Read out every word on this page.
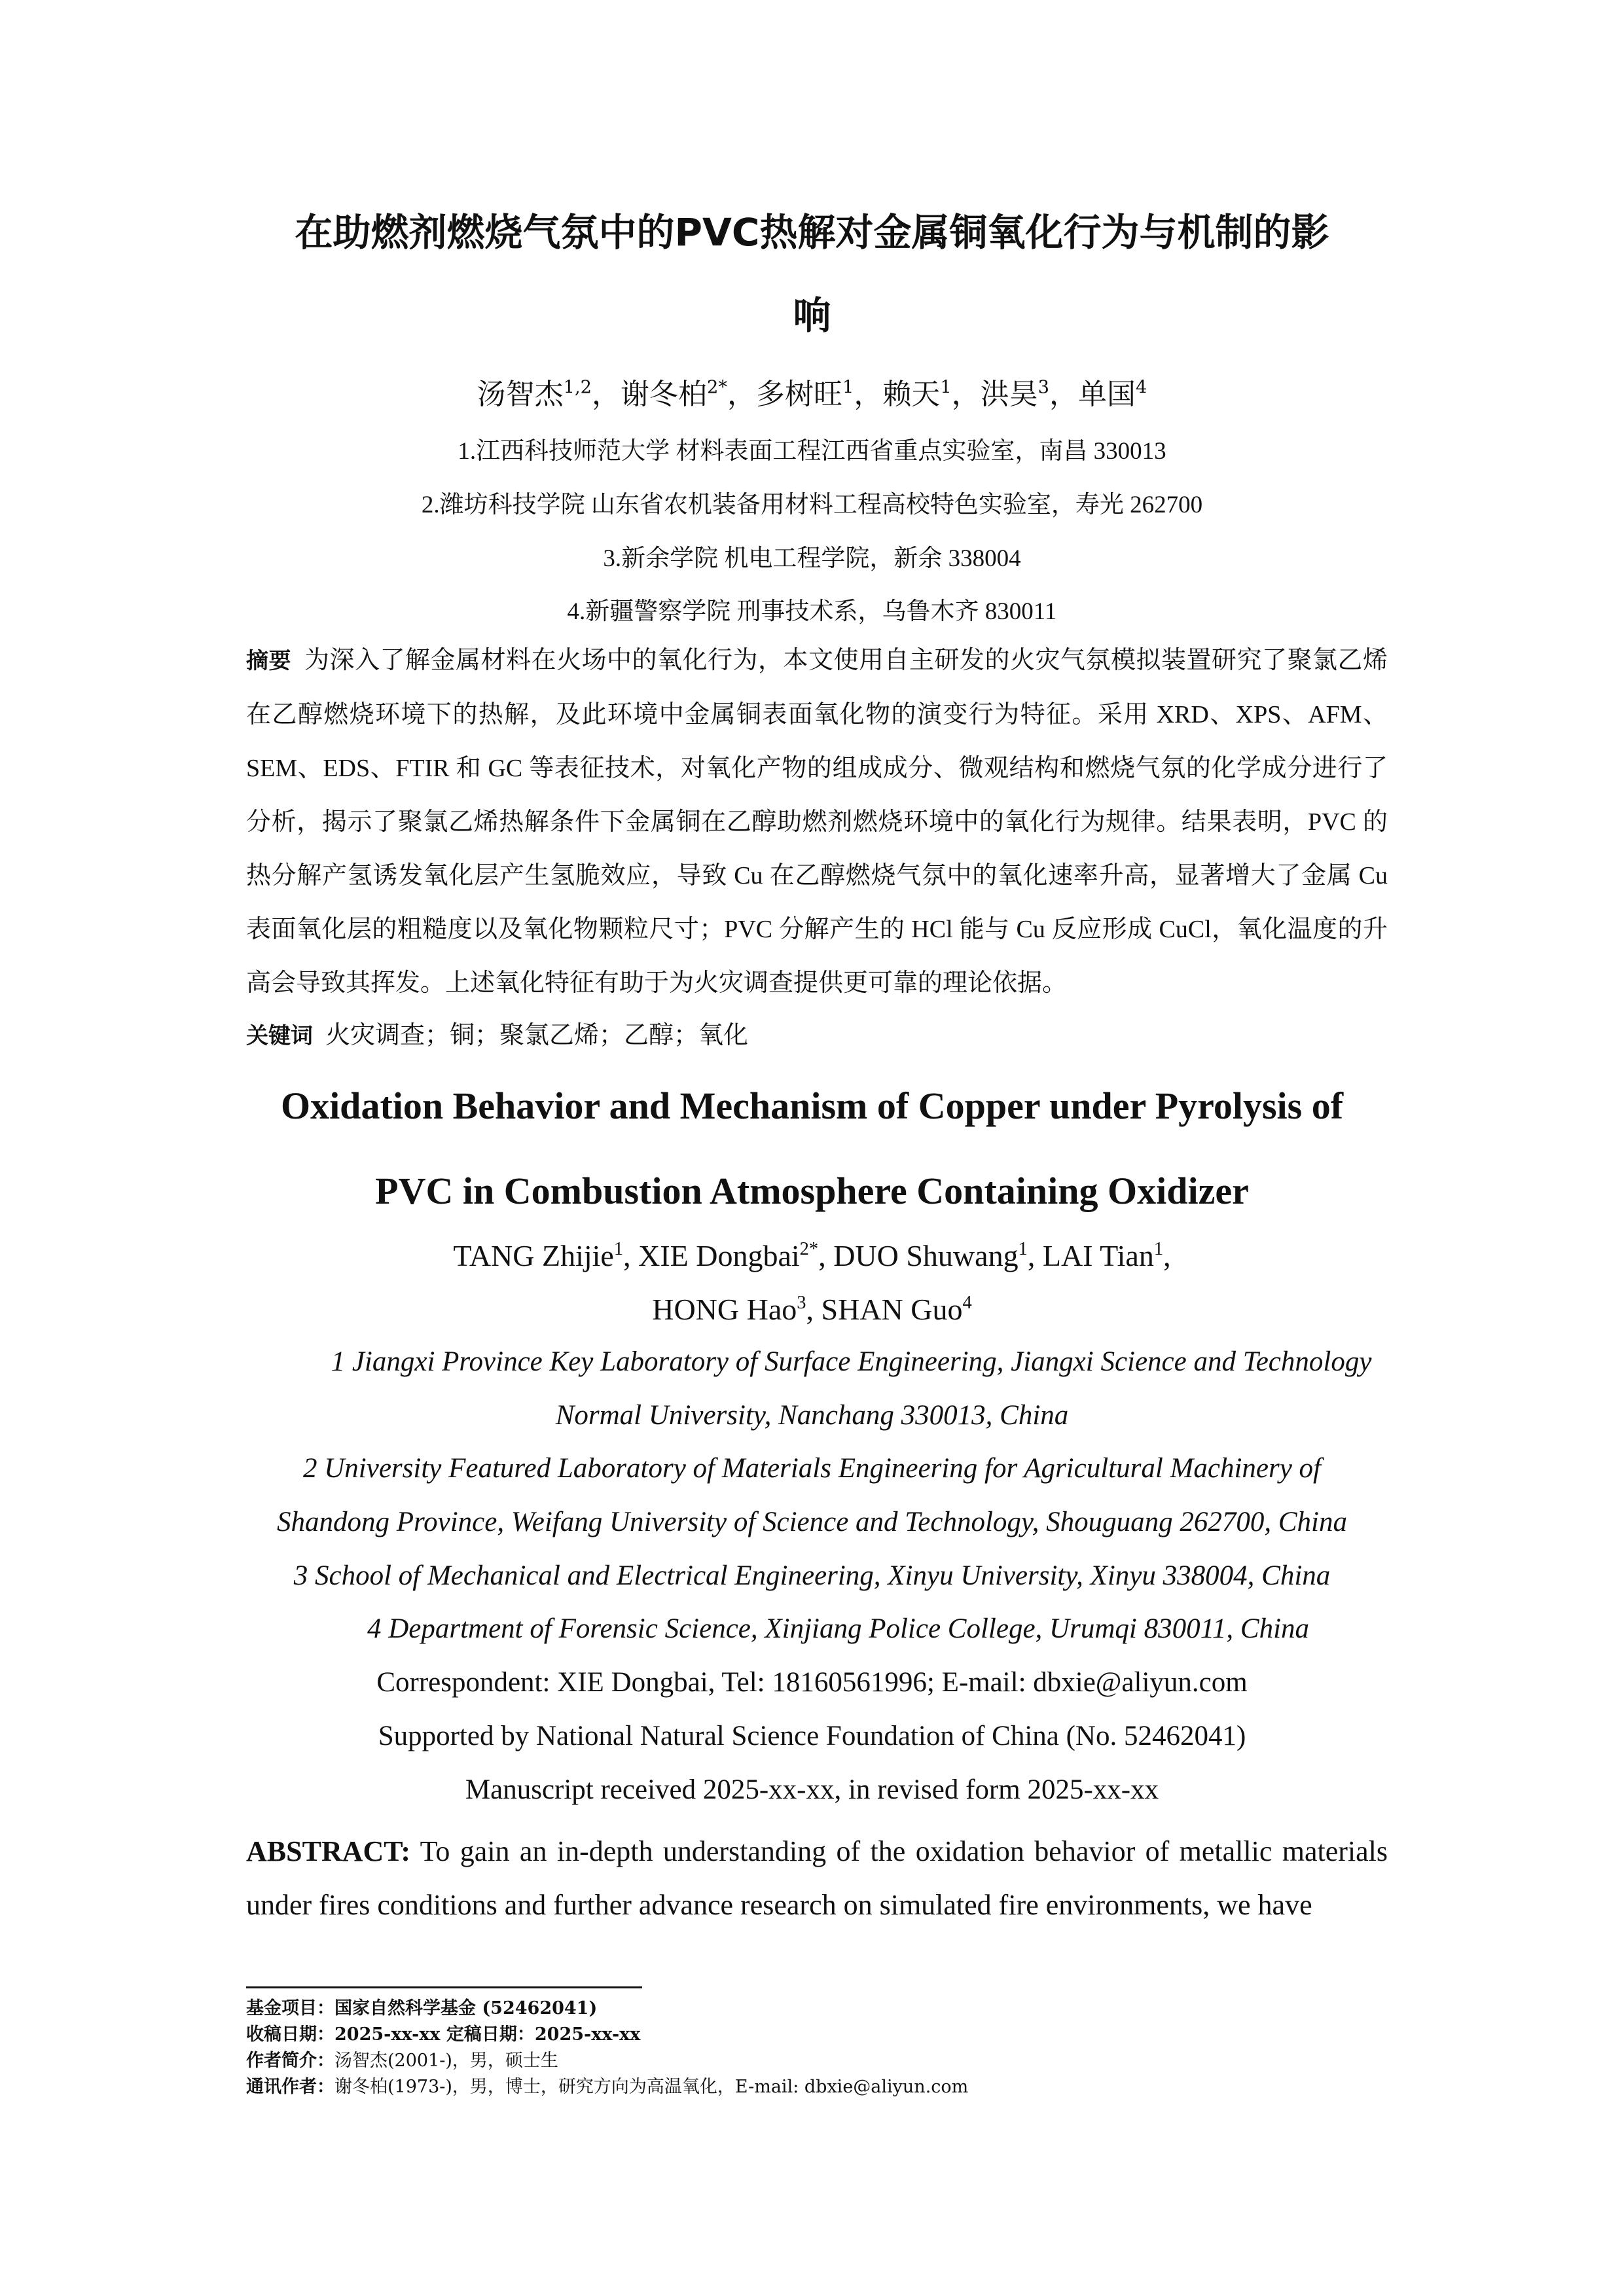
在助燃剂燃烧气氛中的PVC热解对金属铜氧化行为与机制的影
响
汤智杰$^{1,2}$，谢冬柏$^{2*}$，多树旺$^1$，赖天$^1$，洪昊$^3$，单国$^4$
1.江西科技师范大学 材料表面工程江西省重点实验室，南昌 330013
2.潍坊科技学院 山东省农机装备用材料工程高校特色实验室，寿光 262700
3.新余学院 机电工程学院，新余 338004
4.新疆警察学院 刑事技术系，乌鲁木齐 830011
摘要 为深入了解金属材料在火场中的氧化行为，本文使用自主研发的火灾气氛模拟装置研究了聚氯乙烯在乙醇燃烧环境下的热解，及此环境中金属铜表面氧化物的演变行为特征。采用 XRD、XPS、AFM、SEM、EDS、FTIR 和 GC 等表征技术，对氧化产物的组成成分、微观结构和燃烧气氛的化学成分进行了分析，揭示了聚氯乙烯热解条件下金属铜在乙醇助燃剂燃烧环境中的氧化行为规律。结果表明，PVC 的热分解产氢诱发氧化层产生氢脆效应，导致 Cu 在乙醇燃烧气氛中的氧化速率升高，显著增大了金属 Cu 表面氧化层的粗糙度以及氧化物颗粒尺寸；PVC 分解产生的 HCl 能与 Cu 反应形成 CuCl，氧化温度的升高会导致其挥发。上述氧化特征有助于为火灾调查提供更可靠的理论依据。
关键词 火灾调查；铜；聚氯乙烯；乙醇；氧化
Oxidation Behavior and Mechanism of Copper under Pyrolysis of
PVC in Combustion Atmosphere Containing Oxidizer
TANG Zhijie$^1$, XIE Dongbai$^{2*}$, DUO Shuwang$^1$, LAI Tian$^1$,
HONG Hao$^3$, SHAN Guo$^4$
1 Jiangxi Province Key Laboratory of Surface Engineering, Jiangxi Science and Technology
Normal University, Nanchang 330013, China
2 University Featured Laboratory of Materials Engineering for Agricultural Machinery of
Shandong Province, Weifang University of Science and Technology, Shouguang 262700, China
3 School of Mechanical and Electrical Engineering, Xinyu University, Xinyu 338004, China
4 Department of Forensic Science, Xinjiang Police College, Urumqi 830011, China
Correspondent: XIE Dongbai, Tel: 18160561996; E-mail: dbxie@aliyun.com
Supported by National Natural Science Foundation of China (No. 52462041)
Manuscript received 2025-xx-xx, in revised form 2025-xx-xx
ABSTRACT: To gain an in-depth understanding of the oxidation behavior of metallic materials under fires conditions and further advance research on simulated fire environments, we have
基金项目：国家自然科学基金 (52462041)
收稿日期：2025-xx-xx 定稿日期：2025-xx-xx
作者简介：汤智杰(2001-)，男，硕士生
通讯作者：谢冬柏(1973-)，男，博士，研究方向为高温氧化，E-mail: dbxie@aliyun.com
